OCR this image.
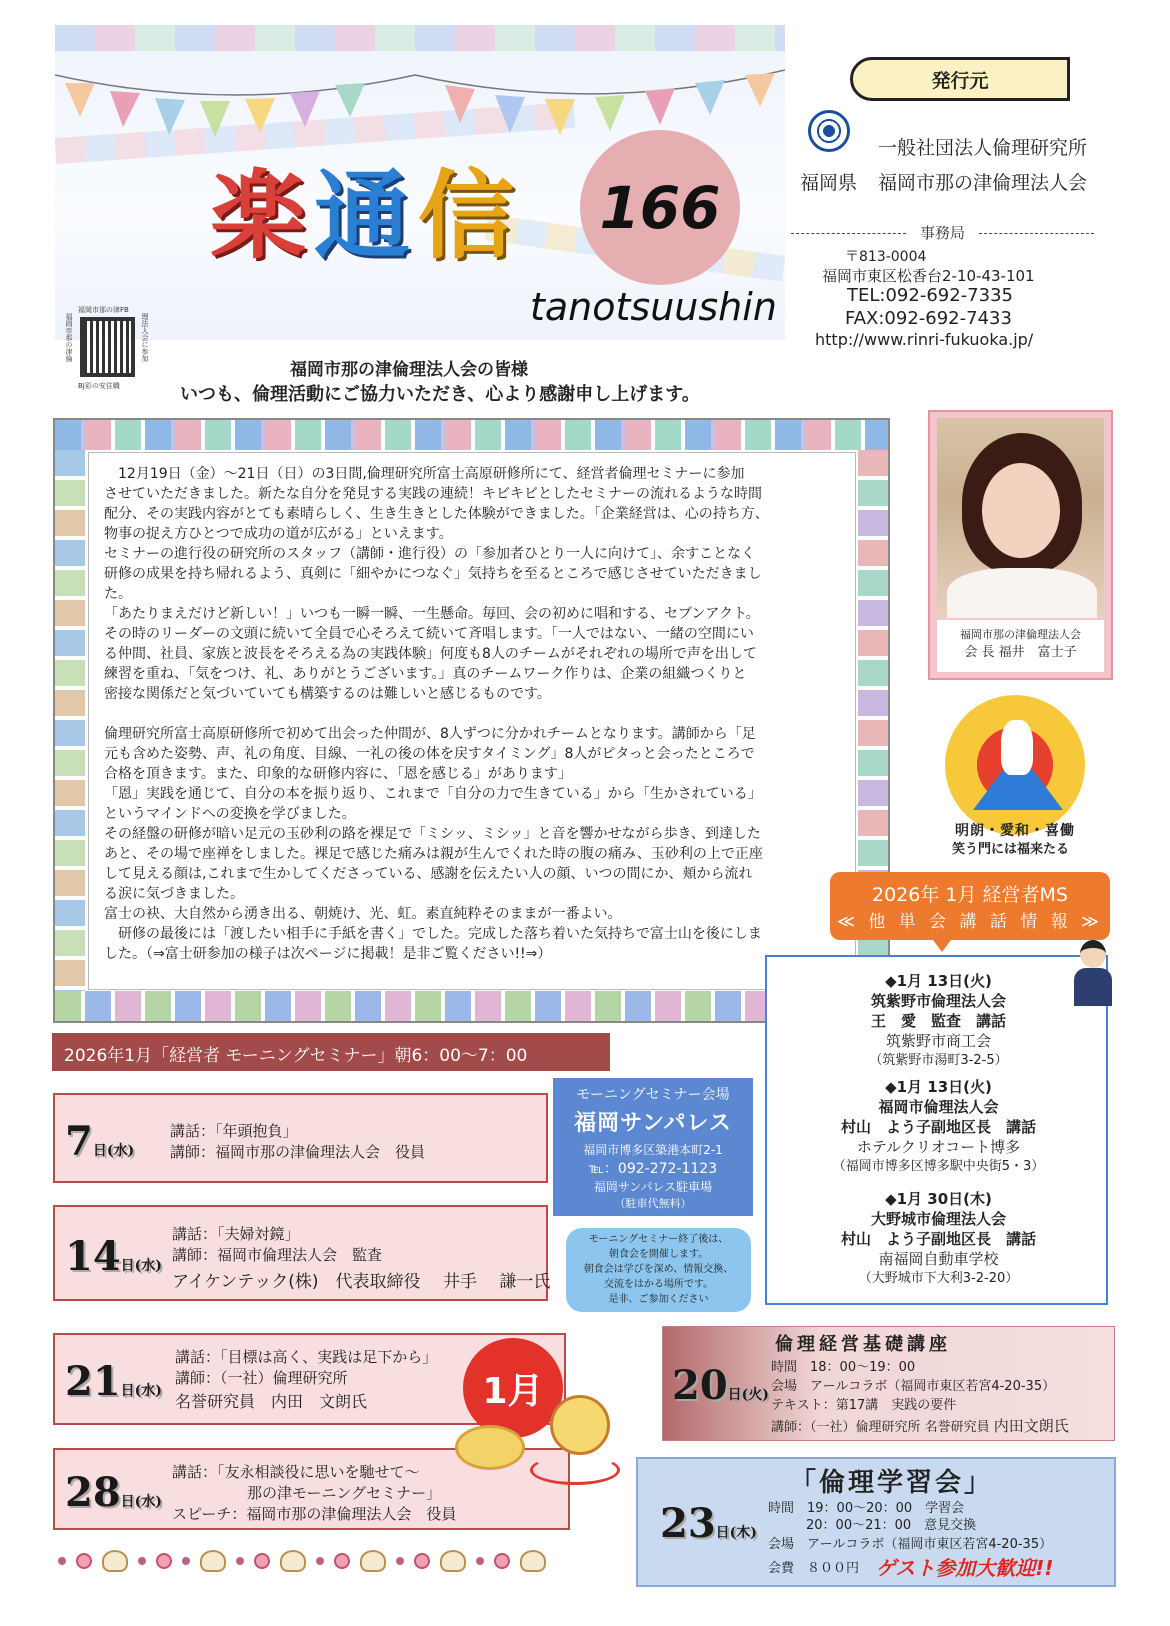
楽通信 166
tanotsuushin
福岡市那の津FB
福岡市那の津倫	理法人会に参加
BJ彩の安住職
発行元
一般社団法人倫理研究所
福岡県 福岡市那の津倫理法人会
事務局
〒813-0004
福岡市東区松香台2-10-43-101
TEL:092-692-7335
FAX:092-692-7433
http://www.rinri-fukuoka.jp/
福岡市那の津倫理法人会の皆様
いつも、倫理活動にご協力いただき、心より感謝申し上げます。

　12月19日（金）～21日（日）の3日間,倫理研究所富士高原研修所にて、経営者倫理セミナーに参加

させていただきました。新たな自分を発見する実践の連続！キビキビとしたセミナーの流れるような時間

配分、その実践内容がとても素晴らしく、生き生きとした体験ができました。「企業経営は、心の持ち方、

物事の捉え方ひとつで成功の道が広がる」といえます。

セミナーの進行役の研究所のスタッフ（講師・進行役）の「参加者ひとり一人に向けて」、余すことなく

研修の成果を持ち帰れるよう、真剣に「細やかにつなぐ」気持ちを至るところで感じさせていただきまし

た。

「あたりまえだけど新しい！」いつも一瞬一瞬、一生懸命。毎回、会の初めに唱和する、セブンアクト。

その時のリーダーの文頭に続いて全員で心そろえて続いて斉唱します。「一人ではない、一緒の空間にい

る仲間、社員、家族と波長をそろえる為の実践体験」何度も8人のチームがそれぞれの場所で声を出して

練習を重ね、「気をつけ、礼、ありがとうございます。」真のチームワーク作りは、企業の組織つくりと

密接な関係だと気づいていても構築するのは難しいと感じるものです。

倫理研究所富士高原研修所で初めて出会った仲間が、8人ずつに分かれチームとなります。講師から「足

元も含めた姿勢、声、礼の角度、目線、一礼の後の体を戻すタイミング」8人がピタっと会ったところで

合格を頂きます。また、印象的な研修内容に、「恩を感じる」があります」

「恩」実践を通じて、自分の本を振り返り、これまで「自分の力で生きている」から「生かされている」

というマインドへの変換を学びました。

その経盤の研修が暗い足元の玉砂利の路を裸足で「ミシッ、ミシッ」と音を響かせながら歩き、到達した

あと、その場で座禅をしました。裸足で感じた痛みは親が生んでくれた時の腹の痛み、玉砂利の上で正座

して見える顔は,これまで生かしてくださっている、感謝を伝えたい人の顔、いつの間にか、頬から流れ

る涙に気づきました。

富士の袂、大自然から湧き出る、朝焼け、光、虹。素直純粋そのままが一番よい。

　研修の最後には「渡したい相手に手紙を書く」でした。完成した落ち着いた気持ちで富士山を後にしま

した。（⇒富士研参加の様子は次ページに掲載！是非ご覧ください!!⇒）

福岡市那の津倫理法人会
会 長 福井　富士子
明朗・愛和・喜働
笑う門には福来たる
2026年 1月 経営者MS
≪ 他 単 会 講 話 情 報 ≫
◆1月 13日(火)
筑紫野市倫理法人会
王　愛　監査　講話
筑紫野市商工会
（筑紫野市湯町3-2-5）
◆1月 13日(火)
福岡市倫理法人会
村山　よう子副地区長　講話
ホテルクリオコート博多
（福岡市博多区博多駅中央街5・3）
◆1月 30日(木)
大野城市倫理法人会
村山　よう子副地区長　講話
南福岡自動車学校
（大野城市下大利3-2-20）
2026年1月「経営者 モーニングセミナー」朝6：00～7：00
7日(水)
講話：「年頭抱負」
講師：福岡市那の津倫理法人会　役員
14日(水)
講話：「夫婦対鏡」
講師：福岡市倫理法人会　監査
アイケンテック(株)　代表取締役　 井手　 謙一氏
21日(水)
講話：「目標は高く、実践は足下から」
講師：（一社）倫理研究所
名誉研究員　内田　文朗氏
28日(水)
講話：「友永相談役に思いを馳せて～
　　　　　那の津モーニングセミナー」
スピーチ：福岡市那の津倫理法人会　役員
モーニングセミナー会場
福岡サンパレス
福岡市博多区築港本町2-1
℡：092-272-1123
福岡サンパレス駐車場
（駐車代無料）
モーニングセミナー終了後は、
朝食会を開催します。
朝食会は学びを深め、情報交換、
交流をはかる場所です。
是非、ご参加ください
1月
倫理経営基礎講座
20日(火)
時間　18：00～19：00
会場　アールコラボ（福岡市東区若宮4-20-35）
テキスト：第17講　実践の要件
講師：（一社）倫理研究所 名誉研究員 内田文朗氏
「倫理学習会」
23日(木)
時間　19：00～20：00　学習会
20：00～21：00　意見交換
会場　アールコラボ（福岡市東区若宮4-20-35）
会費　８００円 ゲスト参加大歓迎!!
